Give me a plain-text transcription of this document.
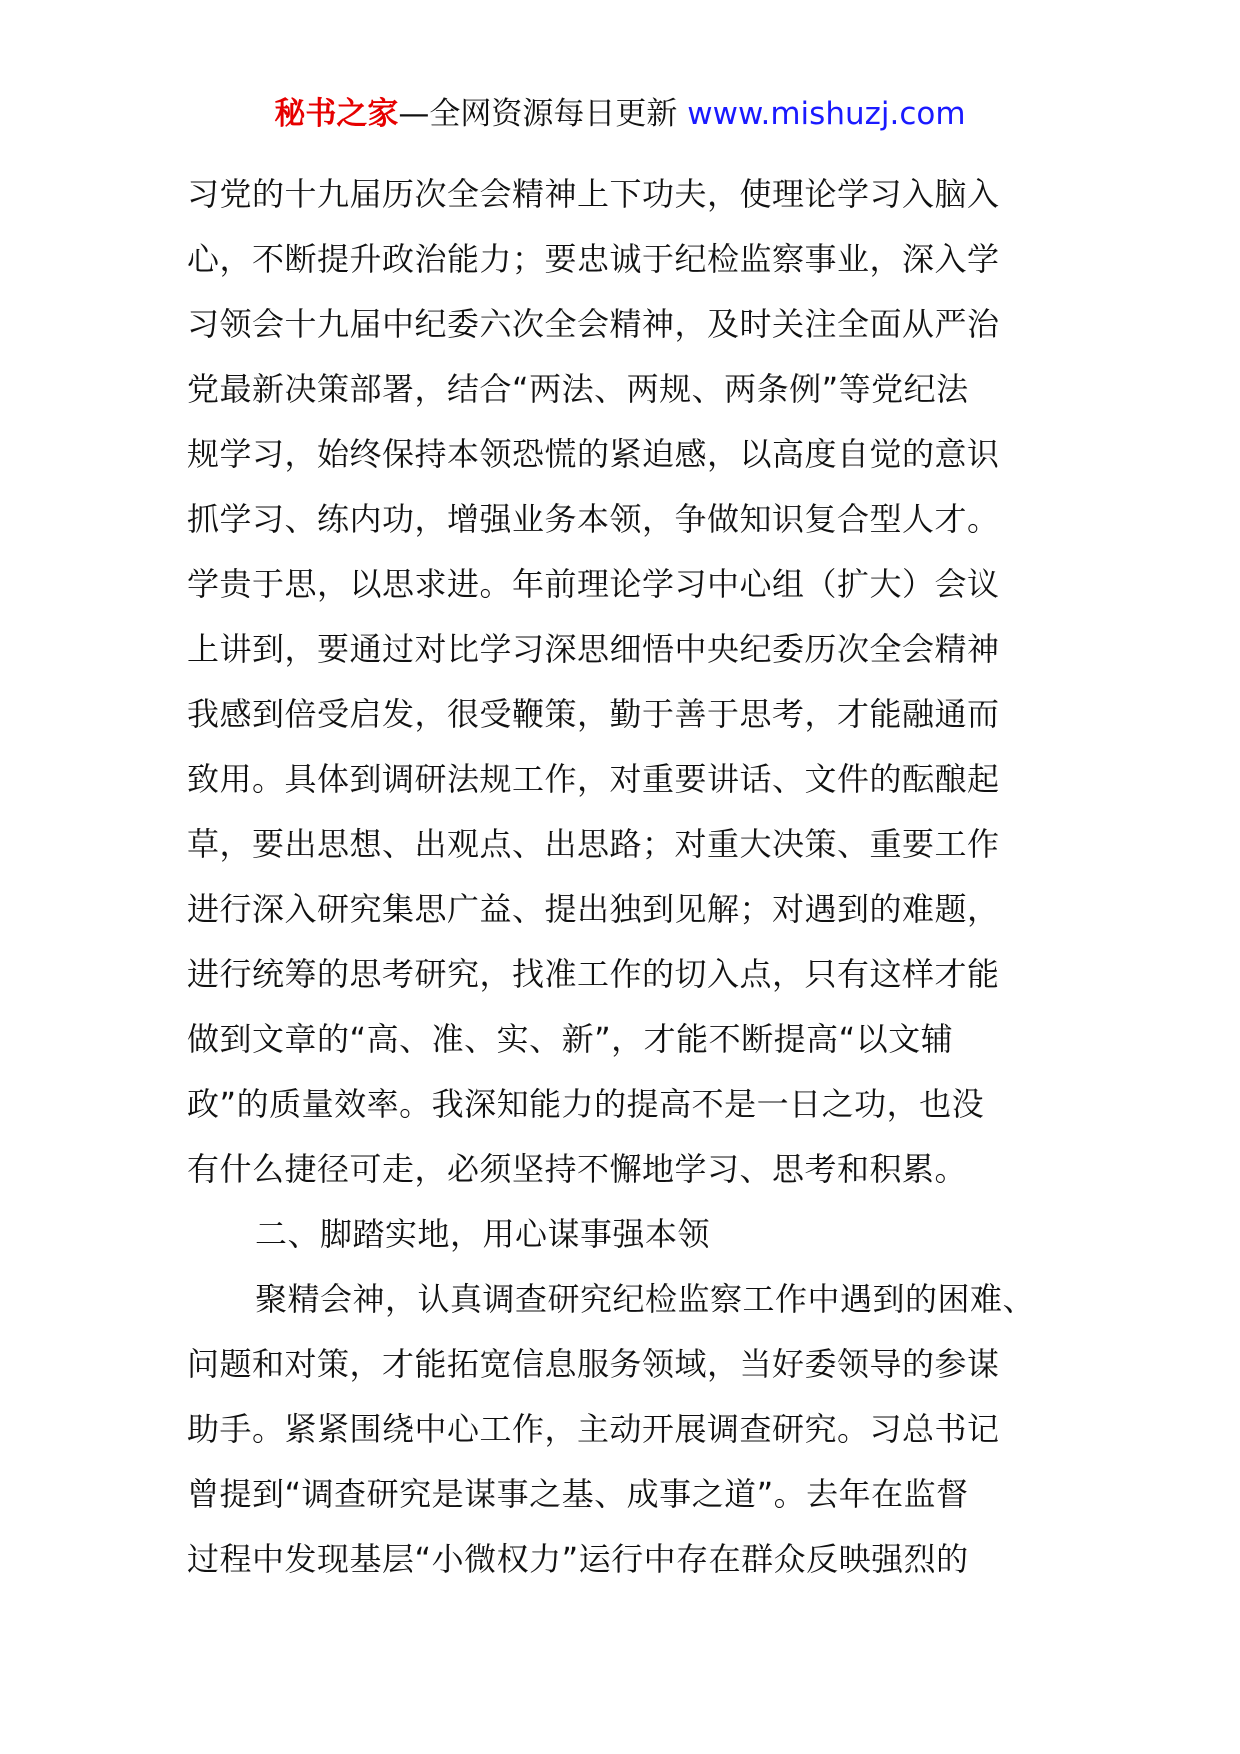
秘书之家—全网资源每日更新 www.mishuzj.com
习党的十九届历次全会精神上下功夫，使理论学习入脑入
心，不断提升政治能力；要忠诚于纪检监察事业，深入学
习领会十九届中纪委六次全会精神，及时关注全面从严治
党最新决策部署，结合“两法、两规、两条例”等党纪法
规学习，始终保持本领恐慌的紧迫感，以高度自觉的意识
抓学习、练内功，增强业务本领，争做知识复合型人才。
学贵于思，以思求进。年前理论学习中心组（扩大）会议
上讲到，要通过对比学习深思细悟中央纪委历次全会精神
我感到倍受启发，很受鞭策，勤于善于思考，才能融通而
致用。具体到调研法规工作，对重要讲话、文件的酝酿起
草，要出思想、出观点、出思路；对重大决策、重要工作
进行深入研究集思广益、提出独到见解；对遇到的难题，
进行统筹的思考研究，找准工作的切入点，只有这样才能
做到文章的“高、准、实、新”，才能不断提高“以文辅
政”的质量效率。我深知能力的提高不是一日之功，也没
有什么捷径可走，必须坚持不懈地学习、思考和积累。
二、脚踏实地，用心谋事强本领
聚精会神，认真调查研究纪检监察工作中遇到的困难、
问题和对策，才能拓宽信息服务领域，当好委领导的参谋
助手。紧紧围绕中心工作，主动开展调查研究。习总书记
曾提到“调查研究是谋事之基、成事之道”。去年在监督
过程中发现基层“小微权力”运行中存在群众反映强烈的
